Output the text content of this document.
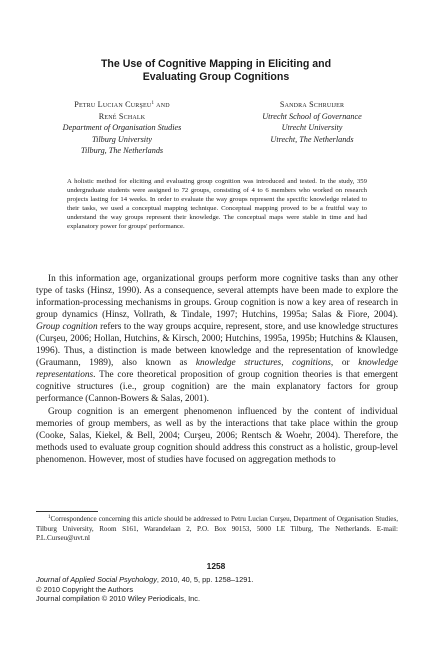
The Use of Cognitive Mapping in Eliciting and
Evaluating Group Cognitions
Petru Lucian Curşeu$^1$ and
René Schalk
Department of Organisation Studies
Tilburg University
Tilburg, The Netherlands
Sandra Schruijer
Utrecht School of Governance
Utrecht University
Utrecht, The Netherlands
A holistic method for eliciting and evaluating group cognition was introduced and tested. In the study, 359 undergraduate students were assigned to 72 groups, consisting of 4 to 6 members who worked on research projects lasting for 14 weeks. In order to evaluate the way groups represent the specific knowledge related to their tasks, we used a conceptual mapping technique. Conceptual mapping proved to be a fruitful way to understand the way groups represent their knowledge. The conceptual maps were stable in time and had explanatory power for groups' performance.

In this information age, organizational groups perform more cognitive tasks than any other type of tasks (Hinsz, 1990). As a consequence, several attempts have been made to explore the information-processing mechanisms in groups. Group cognition is now a key area of research in group dynamics (Hinsz, Vollrath, & Tindale, 1997; Hutchins, 1995a; Salas & Fiore, 2004). Group cognition refers to the way groups acquire, represent, store, and use knowledge structures (Curşeu, 2006; Hollan, Hutchins, & Kirsch, 2000; Hutchins, 1995a, 1995b; Hutchins & Klausen, 1996). Thus, a distinction is made between knowledge and the representation of knowledge (Graumann, 1989), also known as knowledge structures, cognitions, or knowledge representations. The core theoretical proposition of group cognition theories is that emergent cognitive structures (i.e., group cognition) are the main explanatory factors for group performance (Cannon-Bowers & Salas, 2001).

Group cognition is an emergent phenomenon influenced by the content of individual memories of group members, as well as by the interactions that take place within the group (Cooke, Salas, Kiekel, & Bell, 2004; Curşeu, 2006; Rentsch & Woehr, 2004). Therefore, the methods used to evaluate group cognition should address this construct as a holistic, group-level phenomenon. However, most of studies have focused on aggregation methods to

$^1$Correspondence concerning this article should be addressed to Petru Lucian Curşeu, Department of Organisation Studies, Tilburg University, Room S161, Warandelaan 2, P.O. Box 90153, 5000 LE Tilburg, The Netherlands. E-mail: P.L.Curseu@uvt.nl

1258
Journal of Applied Social Psychology, 2010, 40, 5, pp. 1258–1291.
© 2010 Copyright the Authors
Journal compilation © 2010 Wiley Periodicals, Inc.
